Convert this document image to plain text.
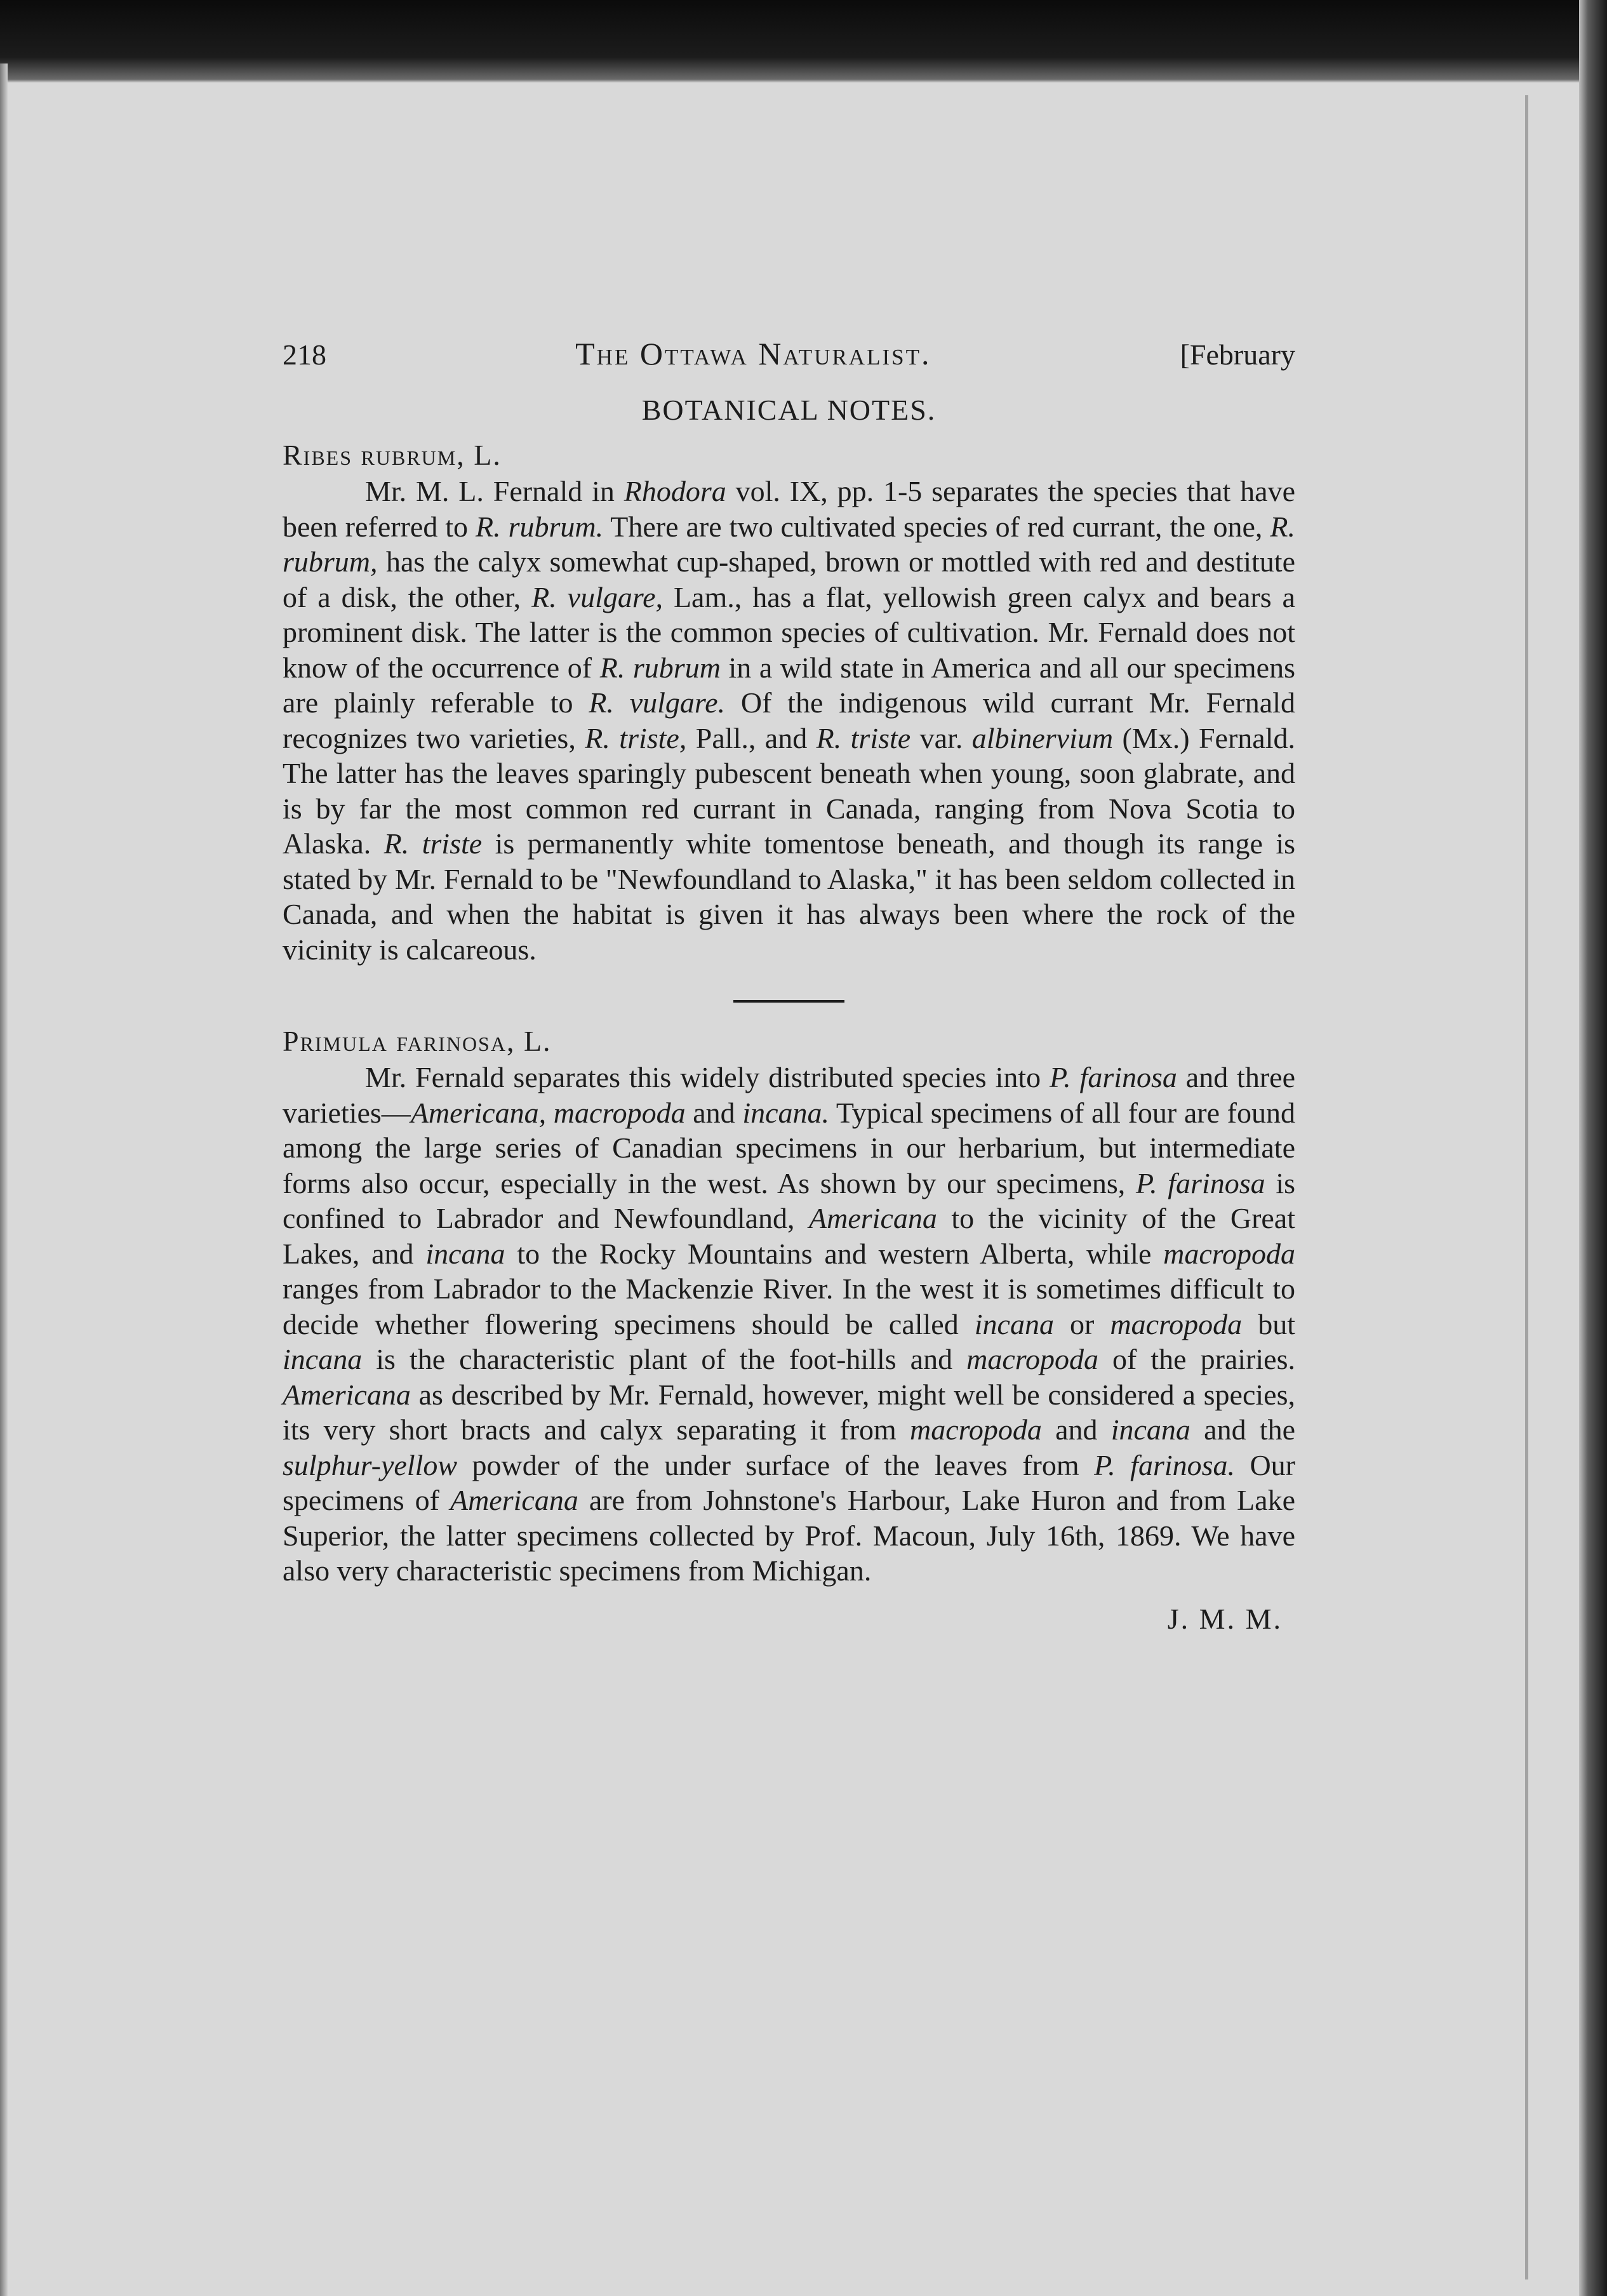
218	The Ottawa Naturalist.	[February
BOTANICAL NOTES.
Ribes rubrum, L.

Mr. M. L. Fernald in Rhodora vol. IX, pp. 1-5 separates the species that have been referred to R. rubrum. There are two cultivated species of red currant, the one, R. rubrum, has the calyx somewhat cup-shaped, brown or mottled with red and destitute of a disk, the other, R. vulgare, Lam., has a flat, yellowish green calyx and bears a prominent disk. The latter is the common species of cultivation. Mr. Fernald does not know of the occurrence of R. rubrum in a wild state in America and all our specimens are plainly referable to R. vulgare. Of the indigenous wild currant Mr. Fernald recognizes two varieties, R. triste, Pall., and R. triste var. albinervium (Mx.) Fernald. The latter has the leaves sparingly pubescent beneath when young, soon glabrate, and is by far the most common red currant in Canada, ranging from Nova Scotia to Alaska. R. triste is permanently white tomentose beneath, and though its range is stated by Mr. Fernald to be "Newfoundland to Alaska," it has been seldom collected in Canada, and when the habitat is given it has always been where the rock of the vicinity is calcareous.

Primula farinosa, L.

Mr. Fernald separates this widely distributed species into P. farinosa and three varieties—Americana, macropoda and incana. Typical specimens of all four are found among the large series of Canadian specimens in our herbarium, but intermediate forms also occur, especially in the west. As shown by our specimens, P. farinosa is confined to Labrador and Newfoundland, Americana to the vicinity of the Great Lakes, and incana to the Rocky Mountains and western Alberta, while macropoda ranges from Labrador to the Mackenzie River. In the west it is sometimes difficult to decide whether flowering specimens should be called incana or macropoda but incana is the characteristic plant of the foot-hills and macropoda of the prairies. Americana as described by Mr. Fernald, however, might well be considered a species, its very short bracts and calyx separating it from macropoda and incana and the sulphur-yellow powder of the under surface of the leaves from P. farinosa. Our specimens of Americana are from Johnstone's Harbour, Lake Huron and from Lake Superior, the latter specimens collected by Prof. Macoun, July 16th, 1869. We have also very characteristic specimens from Michigan.

J. M. M.
